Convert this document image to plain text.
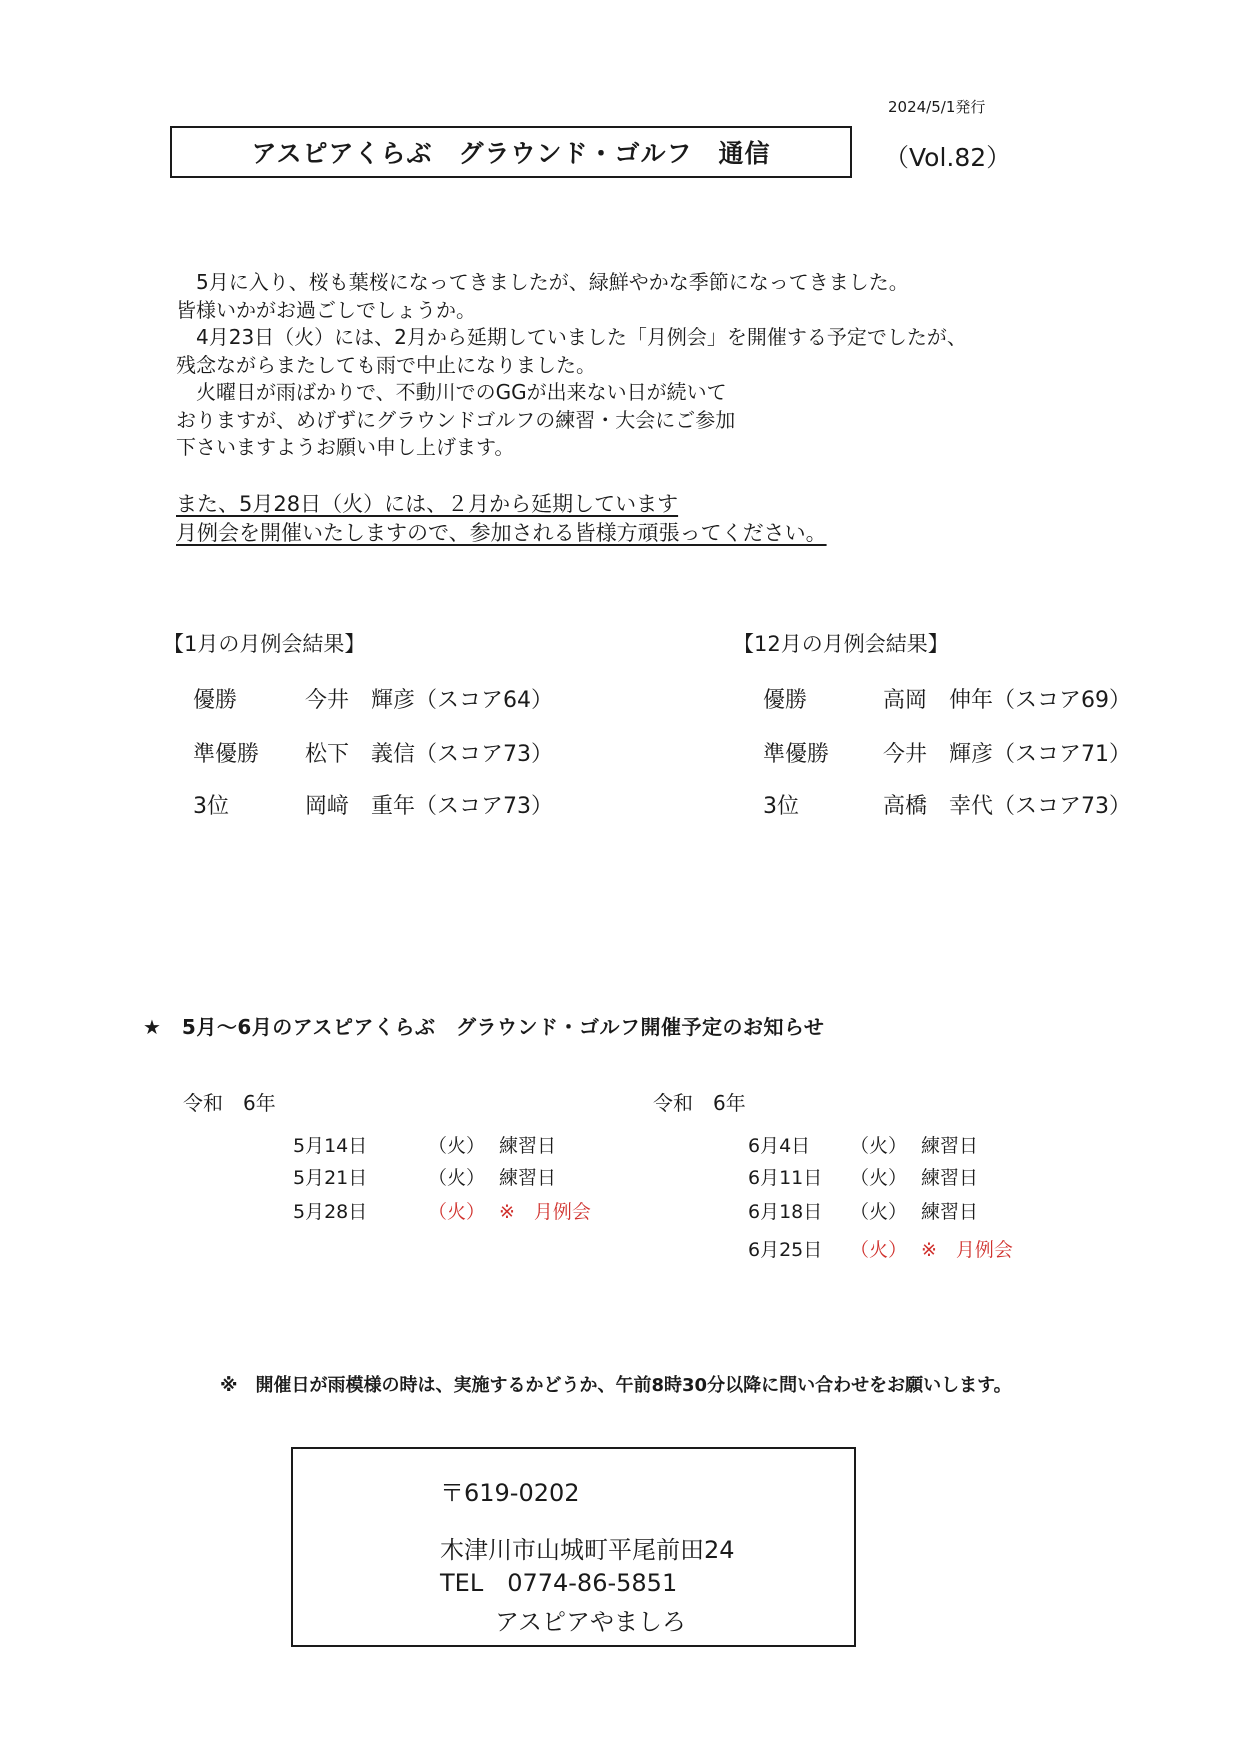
2024/5/1発行
アスピアくらぶ　グラウンド・ゴルフ　通信	（Vol.82）
　5月に入り、桜も葉桜になってきましたが、緑鮮やかな季節になってきました。
皆様いかがお過ごしでしょうか。
　4月23日（火）には、2月から延期していました「月例会」を開催する予定でしたが、
残念ながらまたしても雨で中止になりました。
　火曜日が雨ばかりで、不動川でのGGが出来ない日が続いて
おりますが、めげずにグラウンドゴルフの練習・大会にご参加
下さいますようお願い申し上げます。
また、5月28日（火）には、２月から延期しています
月例会を開催いたしますので、参加される皆様方頑張ってください。
【1月の月例会結果】
優勝	今井　輝彦（スコア64）
準優勝 松下　義信（スコア73）
3位	岡﨑　重年（スコア73）
【12月の月例会結果】
優勝	高岡　伸年（スコア69）
準優勝 今井　輝彦（スコア71）
3位	高橋　幸代（スコア73）
★　5月～6月のアスピアくらぶ　グラウンド・ゴルフ開催予定のお知らせ
令和　6年	令和　6年
5月14日	（火） 練習日
5月21日	（火） 練習日
5月28日	（火） ※　月例会
6月4日 （火） 練習日
6月11日 （火） 練習日
6月18日 （火） 練習日
6月25日 （火） ※　月例会
※　開催日が雨模様の時は、実施するかどうか、午前8時30分以降に問い合わせをお願いします。
〒619-0202
木津川市山城町平尾前田24
TEL　0774-86-5851
アスピアやましろ
